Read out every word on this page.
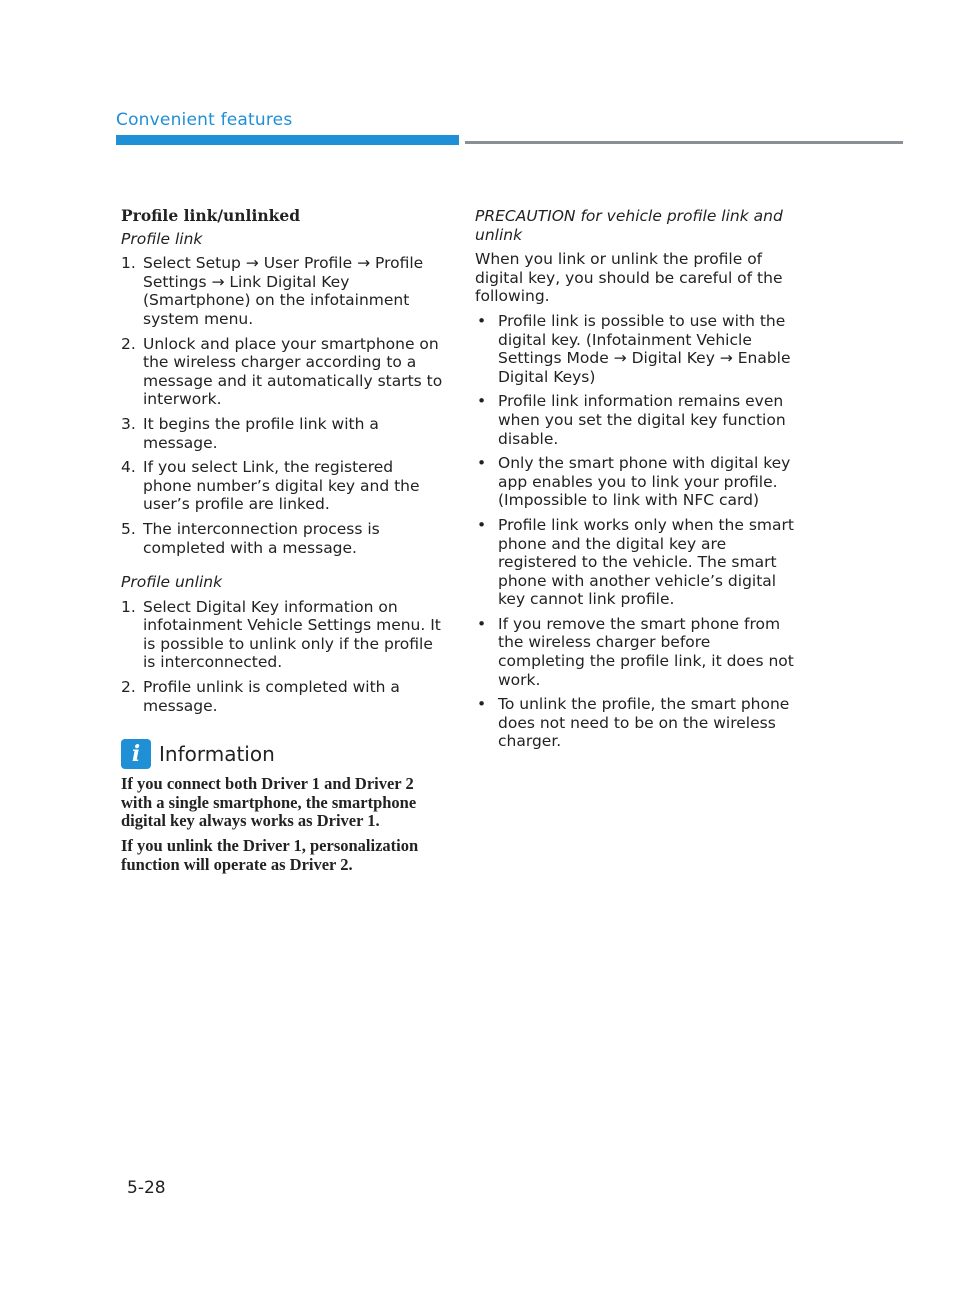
Convenient features
Profile link/unlinked
Profile link
1. Select Setup → User Profile → Profile Settings → Link Digital Key (Smartphone) on the infotainment system menu.
2. Unlock and place your smartphone on the wireless charger according to a message and it automatically starts to interwork.
3. It begins the profile link with a message.
4. If you select Link, the registered phone number’s digital key and the user’s profile are linked.
5. The interconnection process is completed with a message.
Profile unlink
1. Select Digital Key information on infotainment Vehicle Settings menu. It is possible to unlink only if the profile is interconnected.
2. Profile unlink is completed with a message.
i Information

If you connect both Driver 1 and Driver 2 with a single smartphone, the smartphone digital key always works as Driver 1.

If you unlink the Driver 1, personalization function will operate as Driver 2.

PRECAUTION for vehicle profile link and unlink

When you link or unlink the profile of digital key, you should be careful of the following.

• Profile link is possible to use with the digital key. (Infotainment Vehicle Settings Mode → Digital Key → Enable Digital Keys)
• Profile link information remains even when you set the digital key function disable.
• Only the smart phone with digital key app enables you to link your profile. (Impossible to link with NFC card)
• Profile link works only when the smart phone and the digital key are registered to the vehicle. The smart phone with another vehicle’s digital key cannot link profile.
• If you remove the smart phone from the wireless charger before completing the profile link, it does not work.
• To unlink the profile, the smart phone does not need to be on the wireless charger.
5-28
